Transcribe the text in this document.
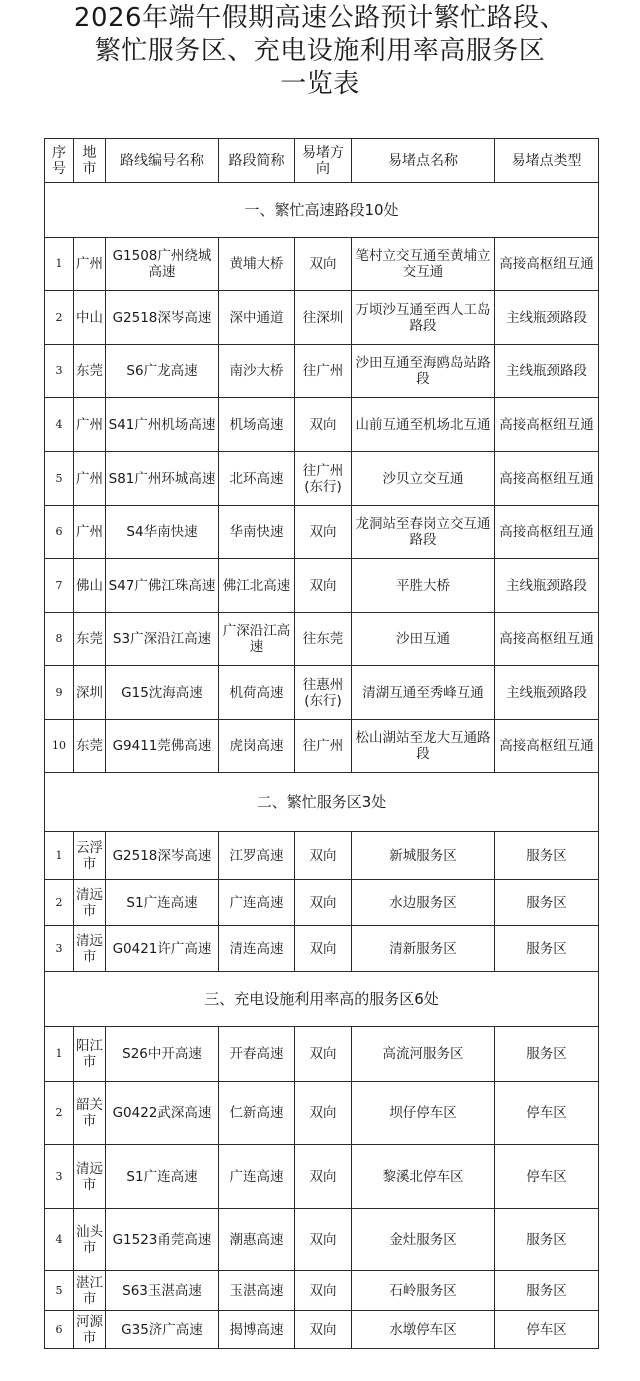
2026年端午假期高速公路预计繁忙路段、
繁忙服务区、充电设施利用率高服务区
一览表
序号	地市	路线编号名称	路段简称	易堵方向	易堵点名称	易堵点类型
一、繁忙高速路段10处						
1	广州	G1508广州绕城高速	黄埔大桥	双向	笔村立交互通至黄埔立交互通	高接高枢纽互通
2	中山	G2518深岑高速	深中通道	往深圳	万顷沙互通至西人工岛路段	主线瓶颈路段
3	东莞	S6广龙高速	南沙大桥	往广州	沙田互通至海鸥岛站路段	主线瓶颈路段
4	广州	S41广州机场高速	机场高速	双向	山前互通至机场北互通	高接高枢纽互通
5	广州	S81广州环城高速	北环高速	往广州(东行)	沙贝立交互通	高接高枢纽互通
6	广州	S4华南快速	华南快速	双向	龙洞站至春岗立交互通路段	高接高枢纽互通
7	佛山	S47广佛江珠高速	佛江北高速	双向	平胜大桥	主线瓶颈路段
8	东莞	S3广深沿江高速	广深沿江高速	往东莞	沙田互通	高接高枢纽互通
9	深圳	G15沈海高速	机荷高速	往惠州(东行)	清湖互通至秀峰互通	主线瓶颈路段
10	东莞	G9411莞佛高速	虎岗高速	往广州	松山湖站至龙大互通路段	高接高枢纽互通
二、繁忙服务区3处						
1	云浮市	G2518深岑高速	江罗高速	双向	新城服务区	服务区
2	清远市	S1广连高速	广连高速	双向	水边服务区	服务区
3	清远市	G0421许广高速	清连高速	双向	清新服务区	服务区
三、充电设施利用率高的服务区6处						
1	阳江市	S26中开高速	开春高速	双向	高流河服务区	服务区
2	韶关市	G0422武深高速	仁新高速	双向	坝仔停车区	停车区
3	清远市	S1广连高速	广连高速	双向	黎溪北停车区	停车区
4	汕头市	G1523甬莞高速	潮惠高速	双向	金灶服务区	服务区
5	湛江市	S63玉湛高速	玉湛高速	双向	石岭服务区	服务区
6	河源市	G35济广高速	揭博高速	双向	水墩停车区	停车区
